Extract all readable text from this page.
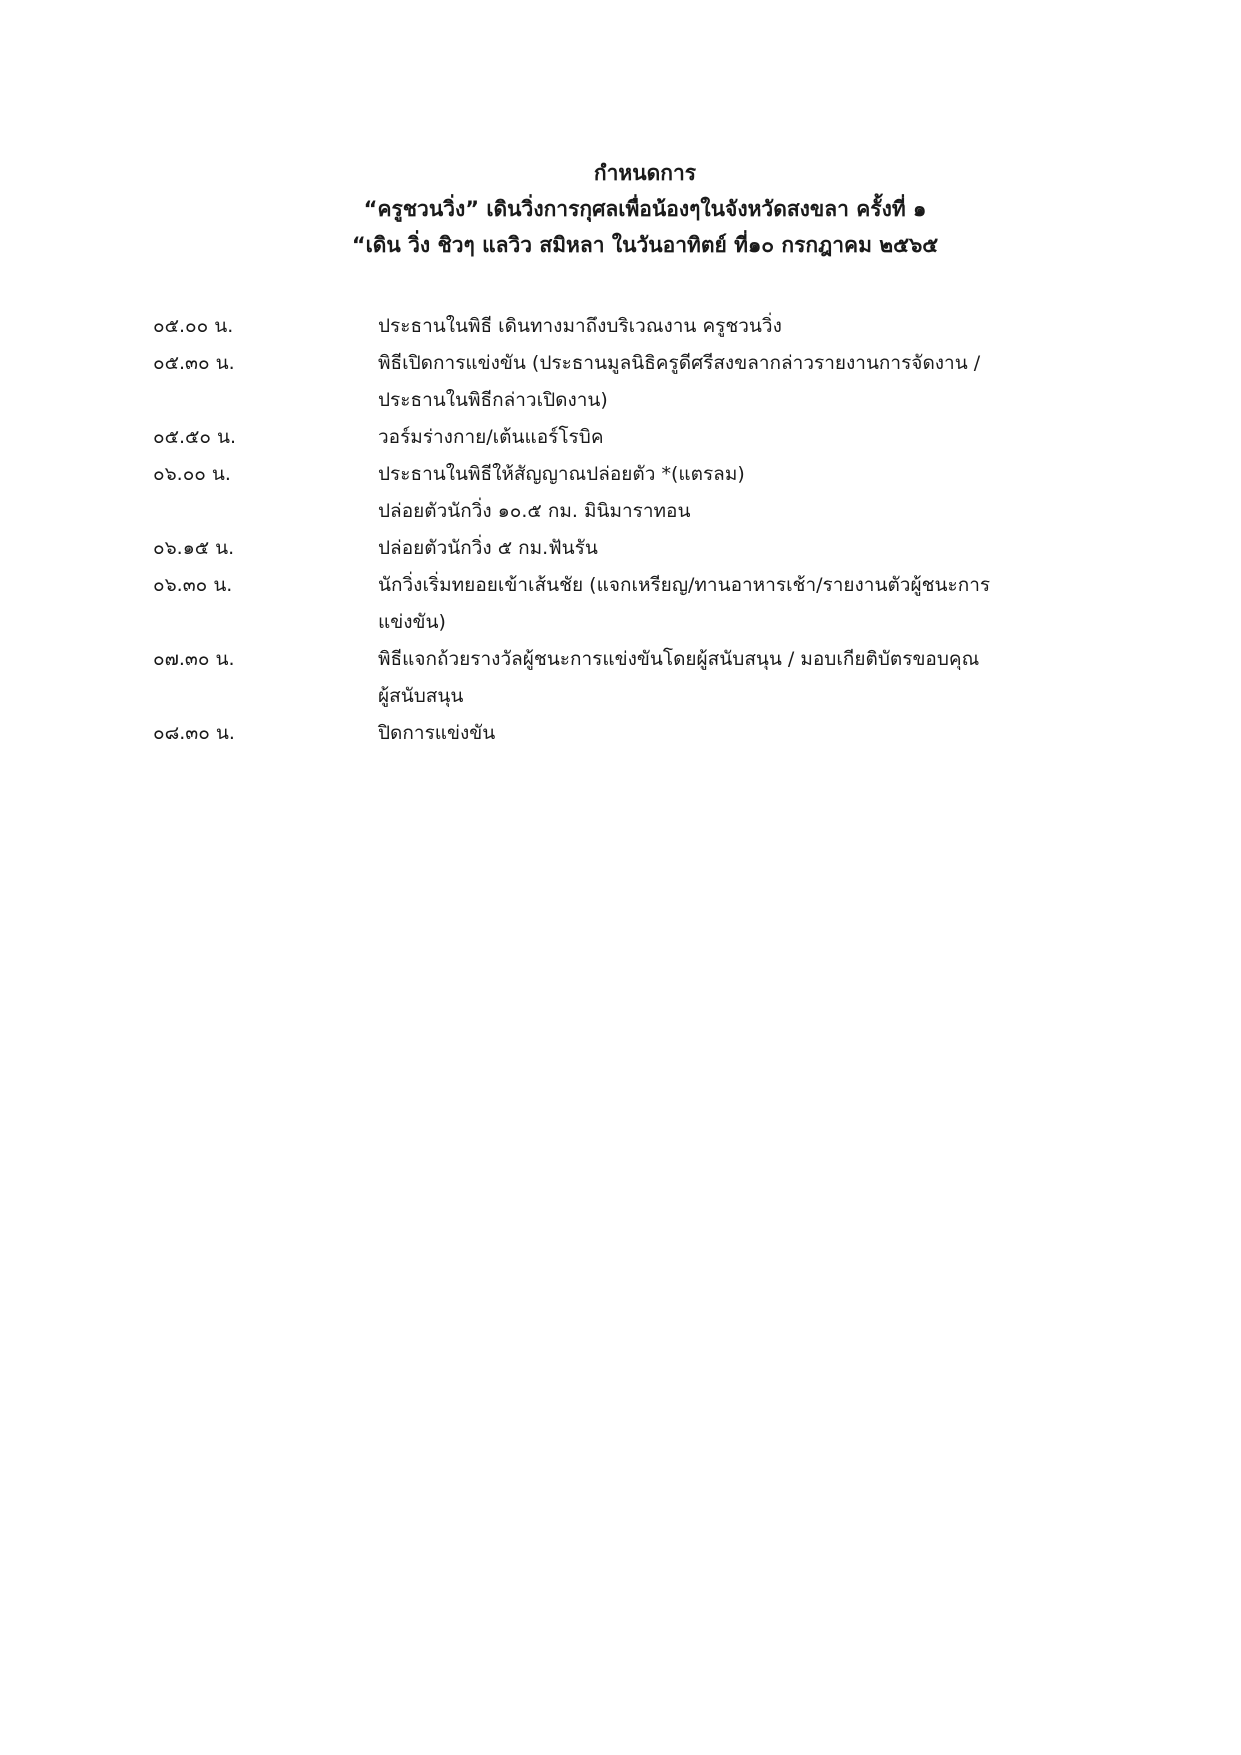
กำหนดการ
“ครูชวนวิ่ง” เดินวิ่งการกุศลเพื่อน้องๆในจังหวัดสงขลา ครั้งที่ ๑
“เดิน วิ่ง ชิวๆ แลวิว สมิหลา ในวันอาทิตย์ ที่๑๐ กรกฎาคม ๒๕๖๕
๐๕.๐๐ น.	ประธานในพิธี เดินทางมาถึงบริเวณงาน ครูชวนวิ่ง
๐๕.๓๐ น.	พิธีเปิดการแข่งขัน (ประธานมูลนิธิครูดีศรีสงขลากล่าวรายงานการจัดงาน /
ประธานในพิธีกล่าวเปิดงาน)
๐๕.๕๐ น.	วอร์มร่างกาย/เต้นแอร์โรบิค
๐๖.๐๐ น.	ประธานในพิธีให้สัญญาณปล่อยตัว *(แตรลม)
ปล่อยตัวนักวิ่ง ๑๐.๕ กม. มินิมาราทอน
๐๖.๑๕ น.	ปล่อยตัวนักวิ่ง ๕ กม.ฟันรัน
๐๖.๓๐ น.	นักวิ่งเริ่มทยอยเข้าเส้นชัย (แจกเหรียญ/ทานอาหารเช้า/รายงานตัวผู้ชนะการ
แข่งขัน)
๐๗.๓๐ น.	พิธีแจกถ้วยรางวัลผู้ชนะการแข่งขันโดยผู้สนับสนุน / มอบเกียติบัตรขอบคุณ
ผู้สนับสนุน
๐๘.๓๐ น.	ปิดการแข่งขัน
